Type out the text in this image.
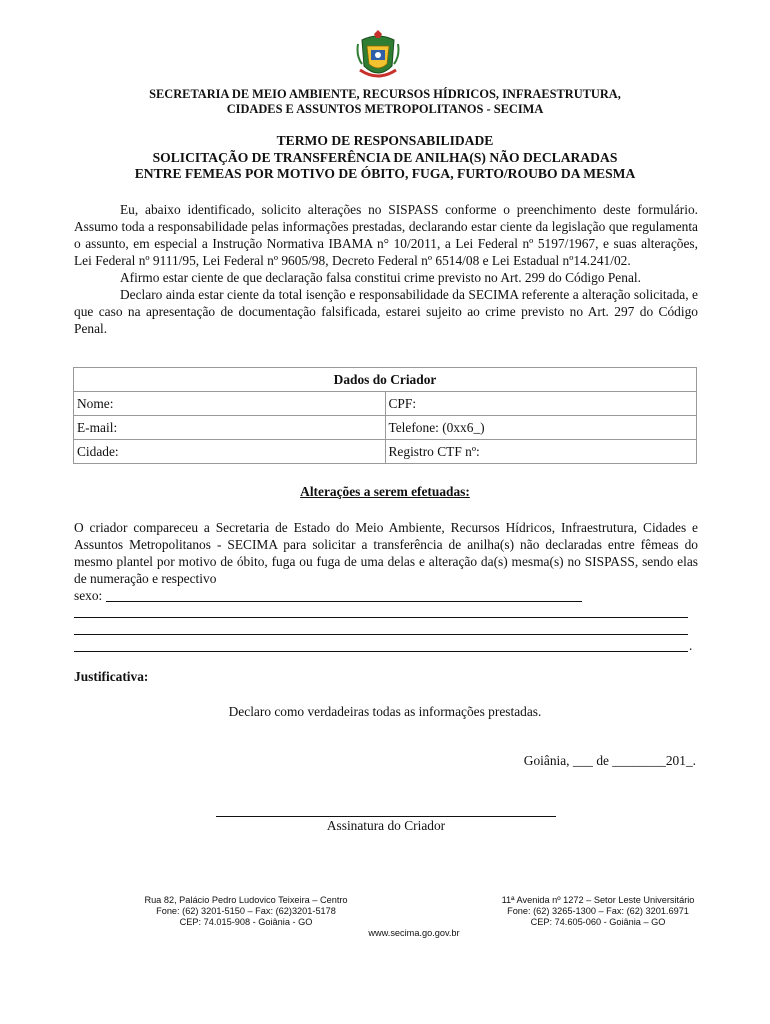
SECRETARIA DE MEIO AMBIENTE, RECURSOS HÍDRICOS, INFRAESTRUTURA,
CIDADES E ASSUNTOS METROPOLITANOS - SECIMA
TERMO DE RESPONSABILIDADE
SOLICITAÇÃO DE TRANSFERÊNCIA DE ANILHA(S) NÃO DECLARADAS
ENTRE FEMEAS POR MOTIVO DE ÓBITO, FUGA, FURTO/ROUBO DA MESMA
Eu, abaixo identificado, solicito alterações no SISPASS conforme o preenchimento deste formulário. Assumo toda a responsabilidade pelas informações prestadas, declarando estar ciente da legislação que regulamenta o assunto, em especial a Instrução Normativa IBAMA n° 10/2011, a Lei Federal nº 5197/1967, e suas alterações, Lei Federal nº 9111/95, Lei Federal nº 9605/98, Decreto Federal nº 6514/08 e Lei Estadual nº14.241/02.
Afirmo estar ciente de que declaração falsa constitui crime previsto no Art. 299 do Código Penal.
Declaro ainda estar ciente da total isenção e responsabilidade da SECIMA referente a alteração solicitada, e que caso na apresentação de documentação falsificada, estarei sujeito ao crime previsto no Art. 297 do Código Penal.
Dados do Criador	
Nome:	CPF:
E-mail:	Telefone: (0xx6_)
Cidade:	Registro CTF nº:
Alterações a serem efetuadas:
O criador compareceu a Secretaria de Estado do Meio Ambiente, Recursos Hídricos, Infraestrutura, Cidades e Assuntos Metropolitanos - SECIMA para solicitar a transferência de anilha(s) não declaradas entre fêmeas do mesmo plantel por motivo de óbito, fuga ou fuga de uma delas e alteração da(s) mesma(s) no SISPASS, sendo elas de numeração e respectivo
sexo:
.
Justificativa:
Declaro como verdadeiras todas as informações prestadas.
Goiânia, ___ de ________201_.
Assinatura do Criador
Rua 82, Palácio Pedro Ludovico Teixeira – Centro
Fone: (62) 3201-5150 – Fax: (62)3201-5178
CEP: 74.015-908 - Goiânia - GO
11ª Avenida nº 1272 – Setor Leste Universitário
Fone: (62) 3265-1300 – Fax: (62) 3201.6971
CEP: 74.605-060 - Goiânia – GO
www.secima.go.gov.br
